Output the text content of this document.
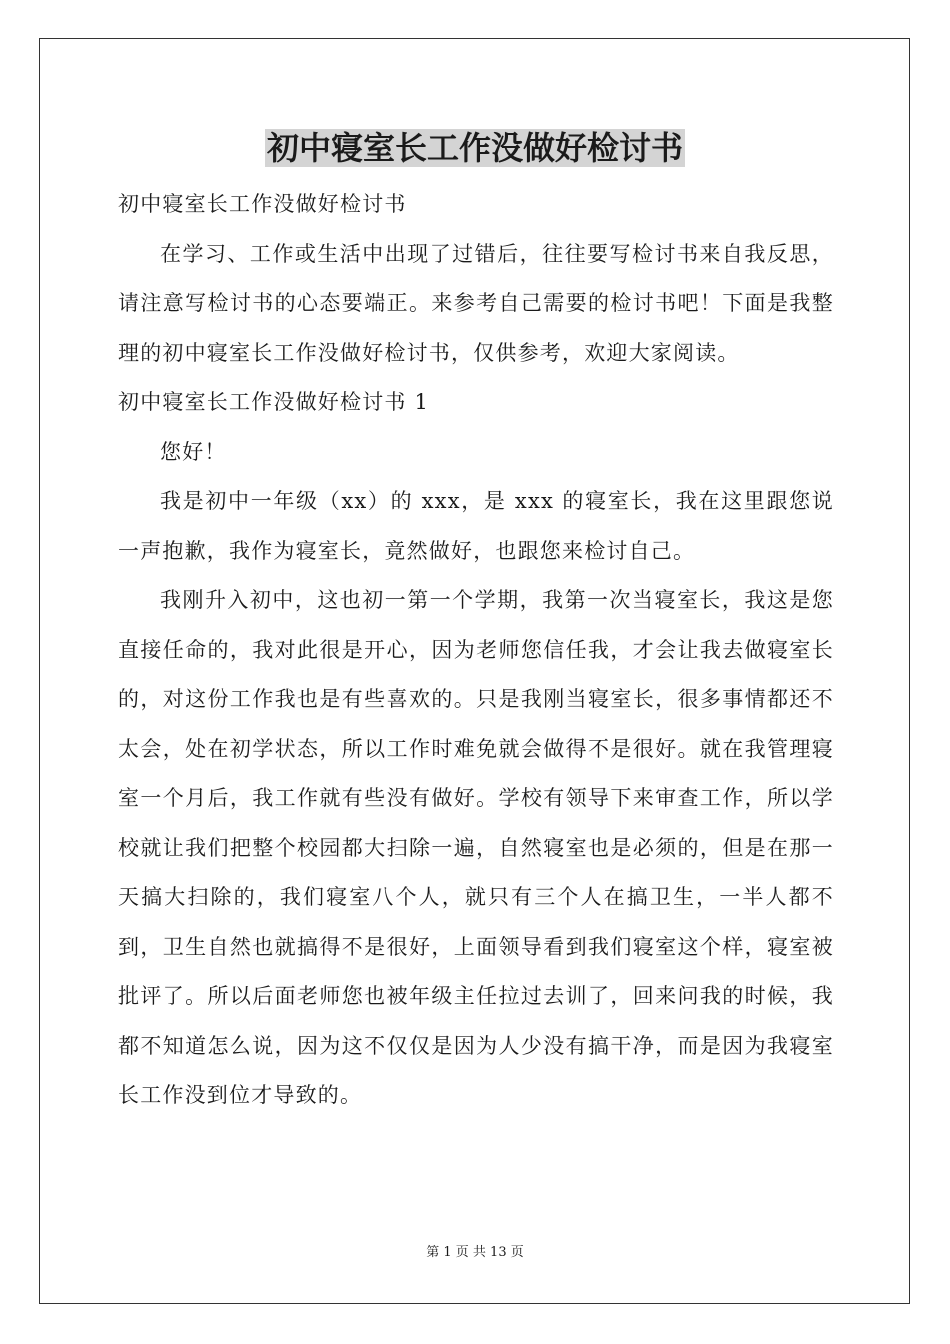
初中寝室长工作没做好检讨书

初中寝室长工作没做好检讨书

在学习、工作或生活中出现了过错后，往往要写检讨书来自我反思，请注意写检讨书的心态要端正。来参考自己需要的检讨书吧！下面是我整理的初中寝室长工作没做好检讨书，仅供参考，欢迎大家阅读。

初中寝室长工作没做好检讨书 1

您好！

我是初中一年级（xx）的 xxx，是 xxx 的寝室长，我在这里跟您说一声抱歉，我作为寝室长，竟然做好，也跟您来检讨自己。

我刚升入初中，这也初一第一个学期，我第一次当寝室长，我这是您直接任命的，我对此很是开心，因为老师您信任我，才会让我去做寝室长的，对这份工作我也是有些喜欢的。只是我刚当寝室长，很多事情都还不太会，处在初学状态，所以工作时难免就会做得不是很好。就在我管理寝室一个月后，我工作就有些没有做好。学校有领导下来审查工作，所以学校就让我们把整个校园都大扫除一遍，自然寝室也是必须的，但是在那一天搞大扫除的，我们寝室八个人，就只有三个人在搞卫生，一半人都不到，卫生自然也就搞得不是很好，上面领导看到我们寝室这个样，寝室被批评了。所以后面老师您也被年级主任拉过去训了，回来问我的时候，我都不知道怎么说，因为这不仅仅是因为人少没有搞干净，而是因为我寝室长工作没到位才导致的。

第 1 页 共 13 页
